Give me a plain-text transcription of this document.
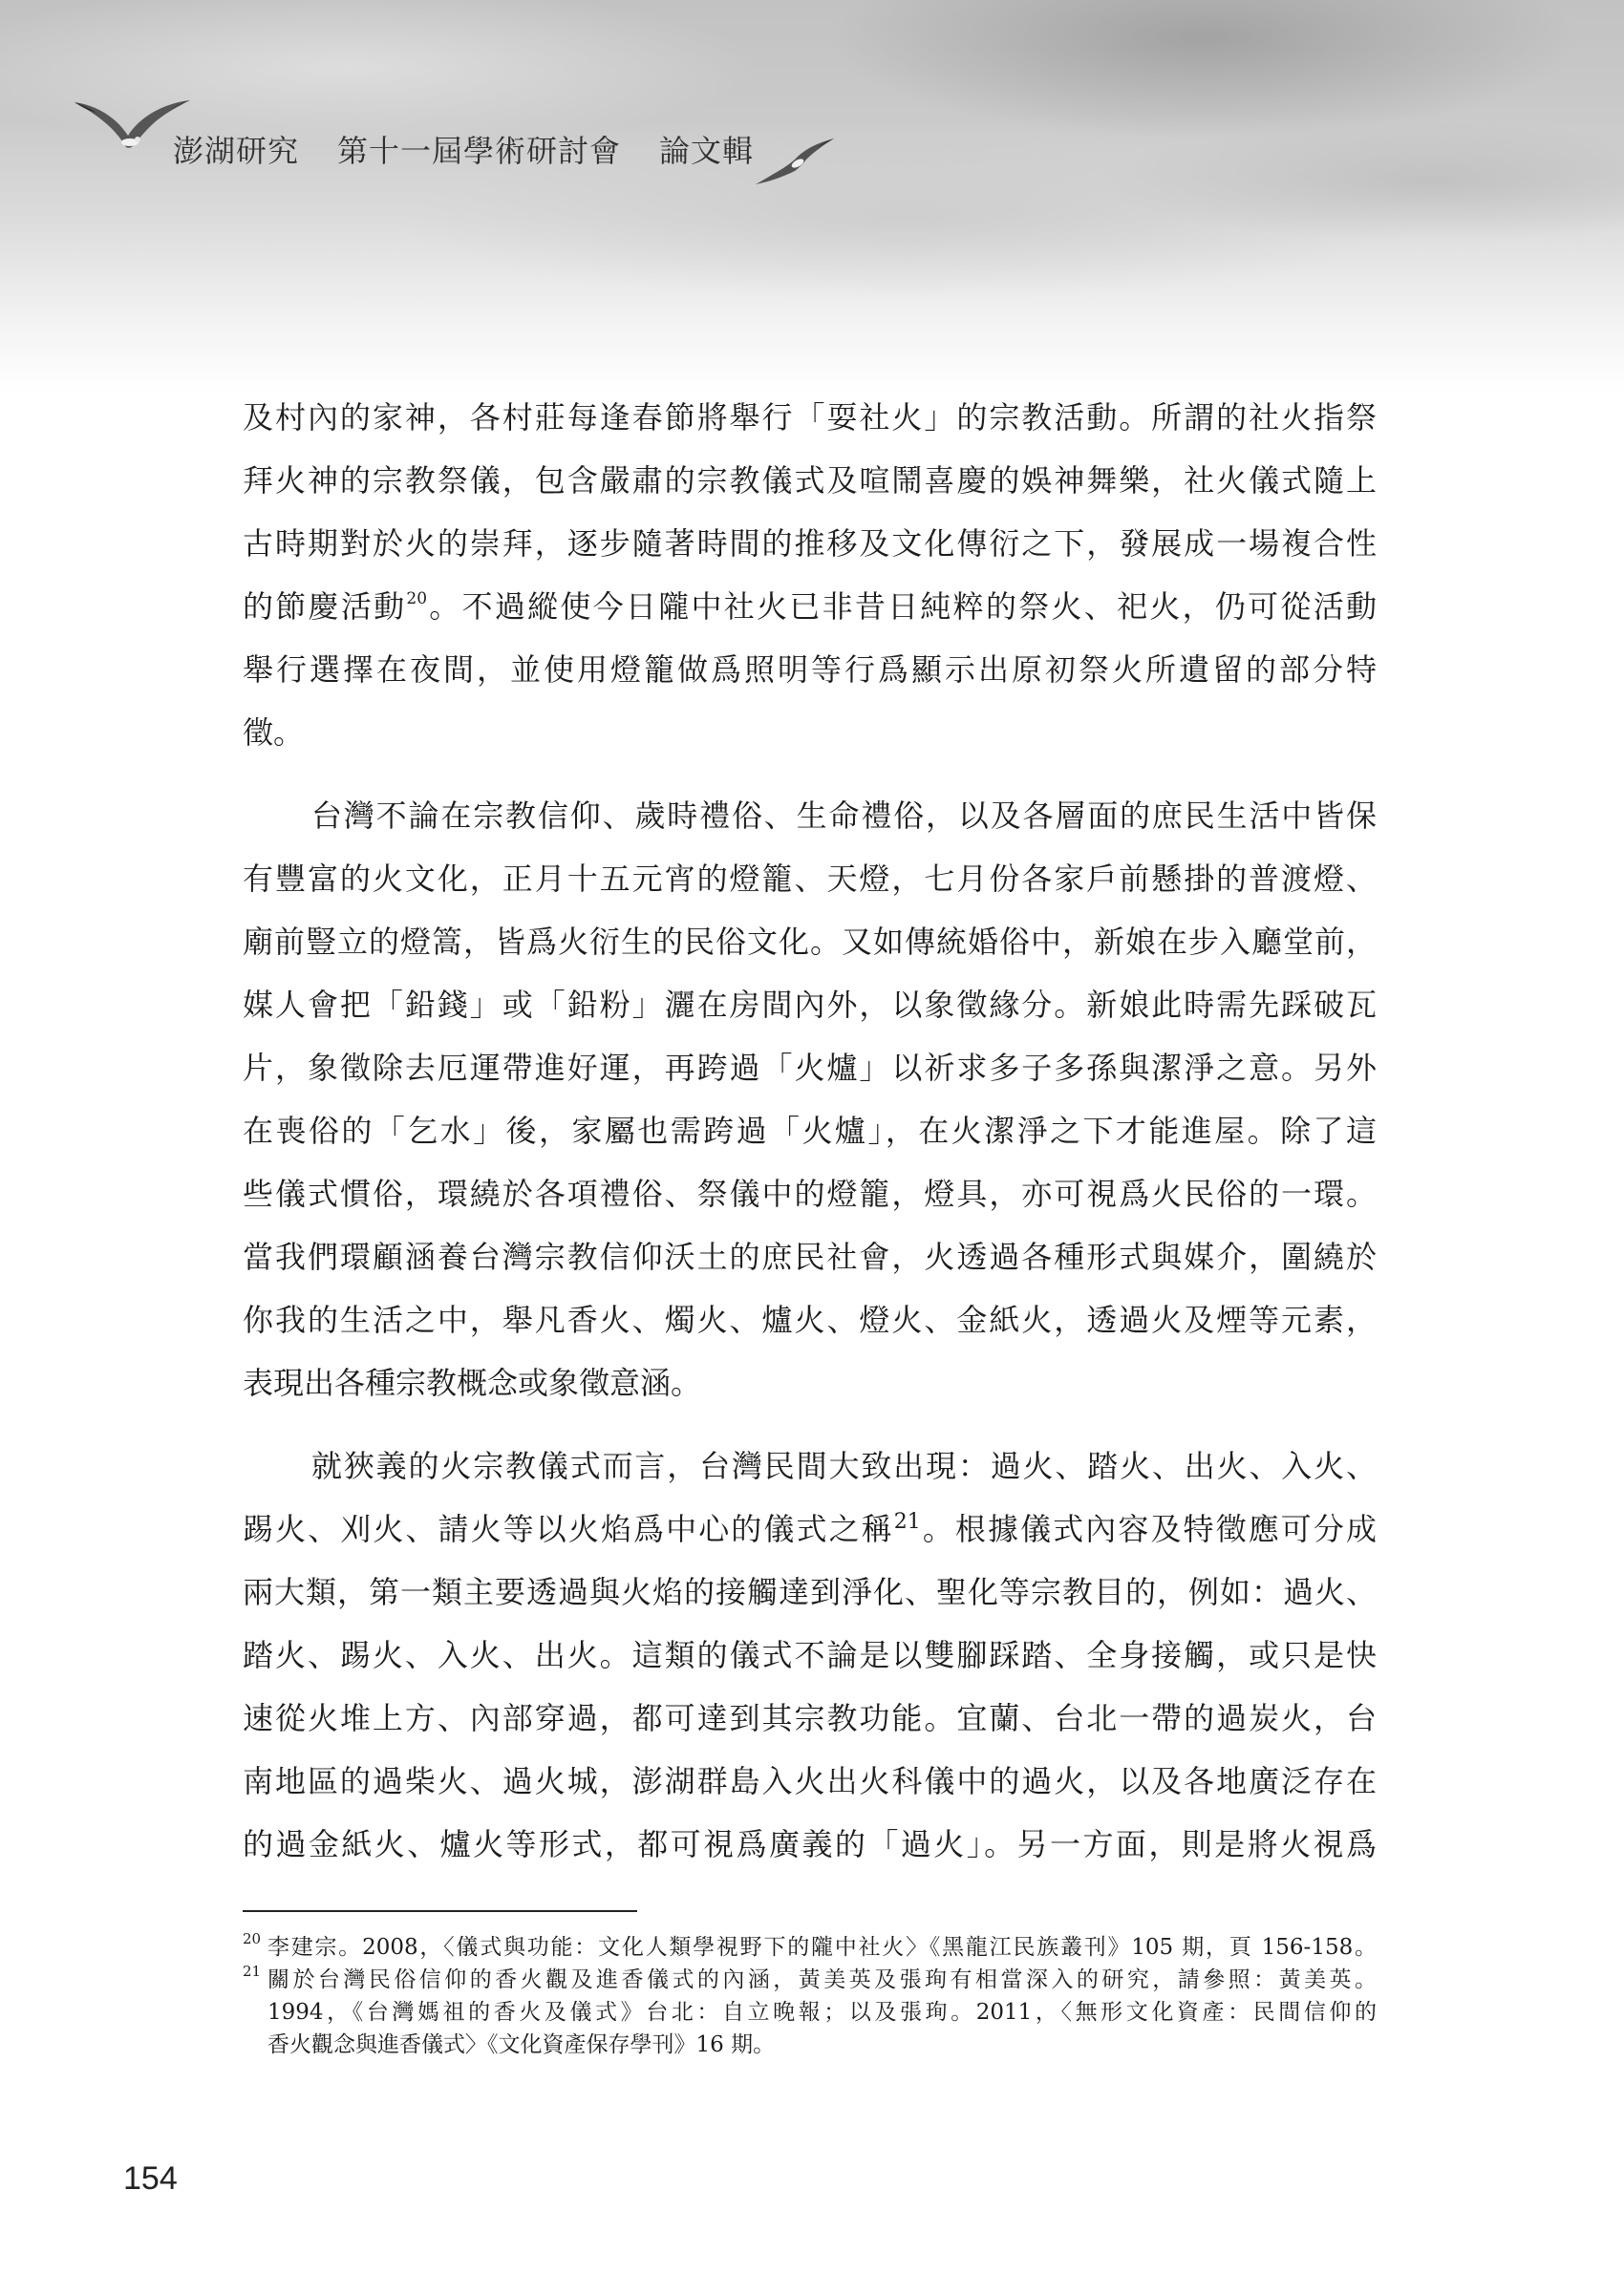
澎湖研究 第十一屆學術研討會 論文輯
及村內的家神，各村莊每逢春節將舉行「耍社火」的宗教活動。所謂的社火指祭
拜火神的宗教祭儀，包含嚴肅的宗教儀式及喧鬧喜慶的娛神舞樂，社火儀式隨上
古時期對於火的崇拜，逐步隨著時間的推移及文化傳衍之下，發展成一場複合性
的節慶活動$^{20}$。不過縱使今日隴中社火已非昔日純粹的祭火、祀火，仍可從活動
舉行選擇在夜間，並使用燈籠做爲照明等行爲顯示出原初祭火所遺留的部分特
徵。
台灣不論在宗教信仰、歲時禮俗、生命禮俗，以及各層面的庶民生活中皆保
有豐富的火文化，正月十五元宵的燈籠、天燈，七月份各家戶前懸掛的普渡燈、
廟前豎立的燈篙，皆爲火衍生的民俗文化。又如傳統婚俗中，新娘在步入廳堂前，
媒人會把「鉛錢」或「鉛粉」灑在房間內外，以象徵緣分。新娘此時需先踩破瓦
片，象徵除去厄運帶進好運，再跨過「火爐」以祈求多子多孫與潔淨之意。另外
在喪俗的「乞水」後，家屬也需跨過「火爐」，在火潔淨之下才能進屋。除了這
些儀式慣俗，環繞於各項禮俗、祭儀中的燈籠，燈具，亦可視爲火民俗的一環。
當我們環顧涵養台灣宗教信仰沃土的庶民社會，火透過各種形式與媒介，圍繞於
你我的生活之中，舉凡香火、燭火、爐火、燈火、金紙火，透過火及煙等元素，
表現出各種宗教概念或象徵意涵。
就狹義的火宗教儀式而言，台灣民間大致出現：過火、踏火、出火、入火、
踢火、刈火、請火等以火焰爲中心的儀式之稱$^{21}$。根據儀式內容及特徵應可分成
兩大類，第一類主要透過與火焰的接觸達到淨化、聖化等宗教目的，例如：過火、
踏火、踢火、入火、出火。這類的儀式不論是以雙腳踩踏、全身接觸，或只是快
速從火堆上方、內部穿過，都可達到其宗教功能。宜蘭、台北一帶的過炭火，台
南地區的過柴火、過火城，澎湖群島入火出火科儀中的過火，以及各地廣泛存在
的過金紙火、爐火等形式，都可視爲廣義的「過火」。另一方面，則是將火視爲
20 李建宗。2008，〈儀式與功能：文化人類學視野下的隴中社火〉《黑龍江民族叢刊》105 期，頁 156-158。
21 關於台灣民俗信仰的香火觀及進香儀式的內涵，黃美英及張珣有相當深入的研究，請參照：黃美英。
1994，《台灣媽祖的香火及儀式》台北：自立晚報；以及張珣。2011，〈無形文化資產：民間信仰的
香火觀念與進香儀式〉《文化資產保存學刊》16 期。
154
